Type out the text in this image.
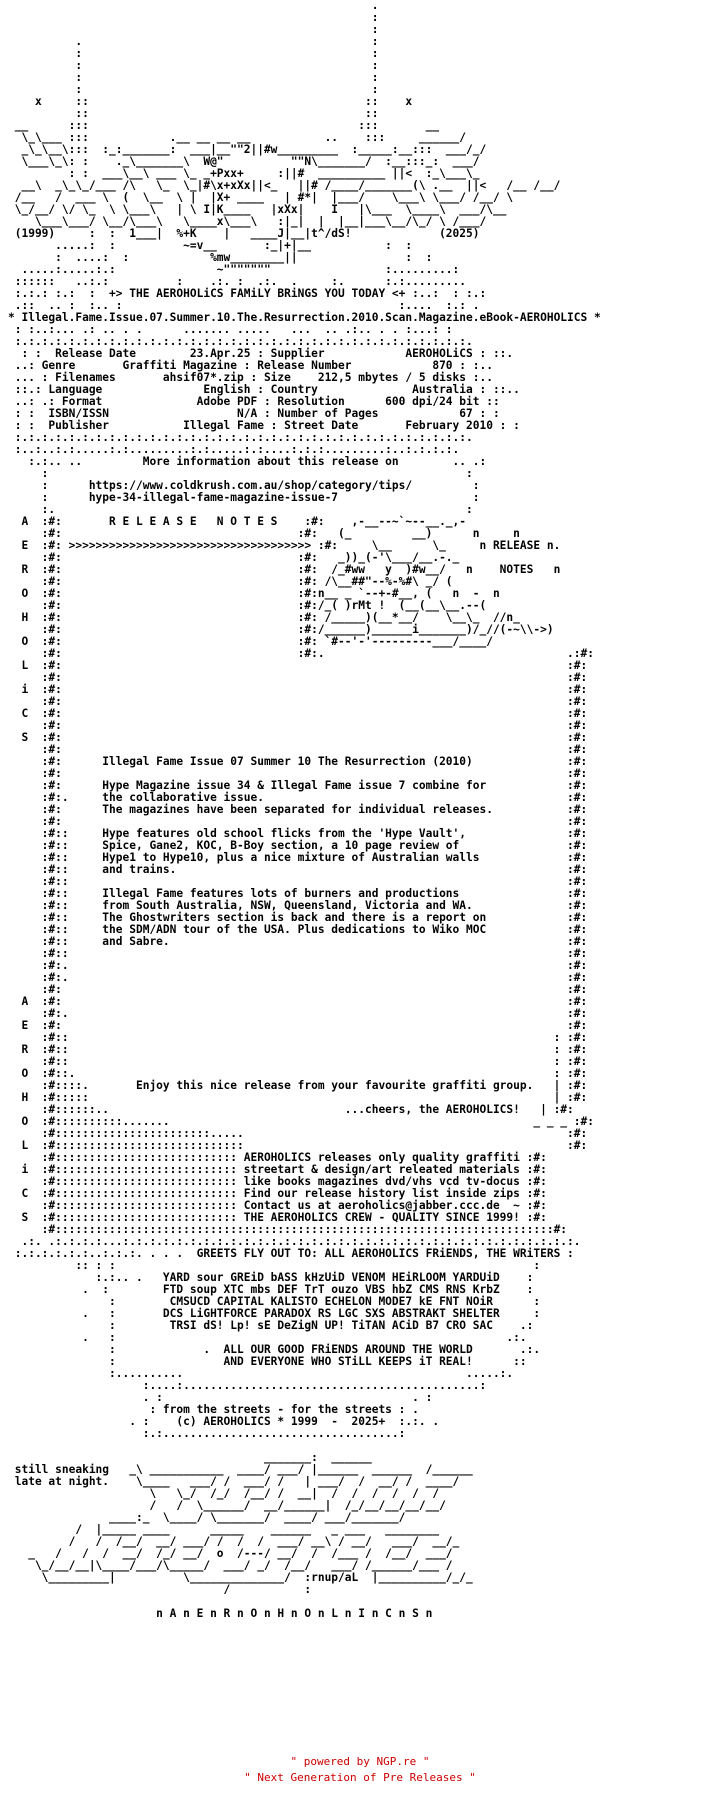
.
:
:
.                                           :
:                                           :
:                                           :
:                                           :
:                                           :
x     ::                                         ::    x
::                                         ::
__      :::                                        :::       __
\_\___ :::            .__ __ __ __           ..    :::     ______/
_\_\__\:::  :_:_______:  ___|__""2||#w_________  :_____:__:::  ___/_/
\___\_\: :    ._\_______\  W@"          ""N\_______/  :__:::_:  ___/
: :  ___\__\ ___ \_ _+Pxx+     :||#  __________ ||<  :_\___\_
__\  _\_\_/___ /\   \_  \_|#\x+xXx||<_   ||# /____/_______(\ .__  ||<   /__ /__/
/__   /  ___ \  (  \__  \ |  |X+ ____   | #*|  |___/    \___\ \___/ /__/ \
\_/__/ \/ \_  \ \___\   | \ I|K____   |xXx|    I   |\___  \____\  ___/\__
\___\___/ \__/\___\   \____x\___\   :|_|  |  |__|___\__/\_/ \ /___/
(1999)     :  :  1___|  %+K    |   ____J|__|t^/dS!             (2025)
.....:  :          ~=v__       :_|+|__           :  :
:  ....:  :            %mw________||                :  :
.....:.....:.:               ~"""""""                 :.........:
::::::   ..:.:          :    .:. :  .:.  .     :.      :.:.........
:.:.: :.:  :  +> THE AEROHOLiCS FAMiLY BRiNGS YOU TODAY <+ :..:  : :.:
.::  .. :  :.. :                                         :....  :.: .
* Illegal.Fame.Issue.07.Summer.10.The.Resurrection.2010.Scan.Magazine.eBook-AEROHOLICS *
: :..:... .: .. . .      ....... .....   ...  .. .:.. . . :...: :
:.:.:.:.:.:.:.:.:.:.:.:.:.:.:.:.:.:.:.:.:.:.:.:.:.:.:.:.:.:.:.:.:.:.
: :  Release Date        23.Apr.25 : Supplier            AEROHOLiCS : ::.
..: Genre       Graffiti Magazine : Release Number            870 : :..
... : Filenames       ahsif07*.zip : Size    212,5 mbytes / 5 disks :..
::.: Language               English : Country              Australia : ::..
..: .: Format              Adobe PDF : Resolution      600 dpi/24 bit ::
: :  ISBN/ISSN                   N/A : Number of Pages            67 : :
: :  Publisher           Illegal Fame : Street Date       February 2010 : :
:.:.:.:.:.:.:.:.:.:.:.:.:.:.:.:.:.:.:.:.:.:.:.:.:.:.:.:.:.:.:.:.:.:.
:..:..:.:.....:.:.........:.:.....:.:....:.:.:.........:..:.:.:.:.
:.:.. ..         More information about this release on        .. .:
:                                                              :
:      https://www.coldkrush.com.au/shop/category/tips/         :
:      hype-34-illegal-fame-magazine-issue-7                    :
:.                                                             :
A  :#:       R E L E A S E   N O T E S    :#:    ,-__--~`~--__._,-
:#:                                   :#:   (_         __)      n     n
E  :#: >>>>>>>>>>>>>>>>>>>>>>>>>>>>>>>>>>>> :#:     \__      \_     n RELEASE n.
:#:                                   :#:   _))_(-'\___/__.-._
R  :#:                                   :#:  /_#ww   y  )#w__/   n    NOTES   n
:#:                                   :#: /\__##"--%-%#\ _/ (
O  :#:                                   :#:n__ _ `--+-#__, (   n  -  n
:#:                                   :#:/_( )rMt !  (__(__\__.--(
H  :#:                                   :#: /_____)(__*__/    \__\_  //n_
:#:                                   :#:/______)______i_______)/_//(-~\\->)
O  :#:                                   :#: `#--'-'---------___/____/
:#:                                   :#:.                                    .:#:
L  :#:                                                                           :#:
:#:                                                                           :#:
i  :#:                                                                           :#:
:#:                                                                           :#:
C  :#:                                                                           :#:
:#:                                                                           :#:
S  :#:                                                                           :#:
:#:                                                                           :#:
:#:      Illegal Fame Issue 07 Summer 10 The Resurrection (2010)              :#:
:#:                                                                           :#:
:#:      Hype Magazine issue 34 & Illegal Fame issue 7 combine for            :#:
:#:.     the collaborative issue.                                             :#:
:#:      The magazines have been separated for individual releases.           :#:
:#:                                                                           :#:
:#::     Hype features old school flicks from the 'Hype Vault',               :#:
:#::     Spice, Gane2, KOC, B-Boy section, a 10 page review of                :#:
:#::     Hype1 to Hype10, plus a nice mixture of Australian walls             :#:
:#::     and trains.                                                          :#:
:#::                                                                          :#:
:#::     Illegal Fame features lots of burners and productions                :#:
:#::     from South Australia, NSW, Queensland, Victoria and WA.              :#:
:#::     The Ghostwriters section is back and there is a report on            :#:
:#::     the SDM/ADN tour of the USA. Plus dedications to Wiko MOC            :#:
:#::     and Sabre.                                                           :#:
:#::                                                                          :#:
:#:.                                                                          :#:
:#:.                                                                          :#:
:#:                                                                           :#:
A  :#:                                                                           :#:
:#:.                                                                          :#:
E  :#:                                                                           :#:
:#::                                                                        : :#:
R  :#::                                                                        : :#:
:#::                                                                        : :#:
O  :#::.                                                                       : :#:
:#::::.       Enjoy this nice release from your favourite graffiti group.   | :#:
H  :#:::::                                                                     | :#:
:#::::::..                                   ...cheers, the AEROHOLICS!   | :#:
O  :#::::::::::.......                                                      _ _ _ :#:
:#:::::::::::::::::::::::.....                                                :#:
L  :#::::::::::::::::::::::::::::                                                :#:
:#::::::::::::::::::::::::::: AEROHOLICS releases only quality graffiti :#:
i  :#::::::::::::::::::::::::::: streetart & design/art releated materials :#:
:#::::::::::::::::::::::::::: like books magazines dvd/vhs vcd tv-docus :#:
C  :#::::::::::::::::::::::::::: Find our release history list inside zips :#:
:#::::::::::::::::::::::::::: Contact us at aeroholics@jabber.ccc.de  ~ :#:
S  :#::::::::::::::::::::::::::: THE AEROHOLICS CREW - QUALITY SINCE 1999! :#:
:#::::::::::::::::::::::::::::::::::::::::::::::::::::::::::::::::::::::::::#:
.:. .:.:.:.:...:.:.:.:.:.:.:.:.:.:.:.:.:.:.:.:.:.:.:.:.:.:.:.:.:.:.:.:.:.:.:.:.:.:.
:.:.:.:.:.:..:.:.:. . . .  GREETS FLY OUT TO: ALL AEROHOLICS FRiENDS, THE WRiTERS :
:: : :                                                              :
:.:.. .   YARD sour GREiD bASS kHzUiD VENOM HEiRLOOM YARDUiD    :
.  :        FTD soup XTC mbs DEF TrT ouzo VBS hbZ CMS RNS KrbZ    :
:        CMSUCD CAPITAL KALISTO ECHELON MODE7 kE FNT NOiR      :
.   :       DCS LiGHTFORCE PARADOX RS LGC SXS ABSTRAKT SHELTER     :
:        TRSI dS! Lp! sE DeZigN UP! TiTAN ACiD B7 CRO SAC    .:
.   :                                                          .:.
:             .  ALL OUR GOOD FRiENDS AROUND THE WORLD       .:.
:                AND EVERYONE WHO STiLL KEEPS iT REAL!      ::
:..........                                          .....:.
:....:............................................:
. :                                     . :
: from the streets - for the streets : .
. :    (c) AEROHOLICS * 1999  -  2025+  :.:. .
:.:...................................:

_______:  ______
still sneaking   _\ ___________  ____/ ___/ |______  ______  /______
late at night.    \____   ___/ /  ___/ /   | ___/  /  __/ /  ____/
\   \_/  /_/  /__/ /  __|  /  /  /  /  /  /
/   /  \______/  __/______|  /_/__/__/__/__/
____:_  \____/ \_______/  ____/ ___/_______/
/  |_____ ____      _____    ______   _ ___   ________
/   /  /__/  __/ ___/ /  /  /  ___/ __\ / __/   ___/  __/_
_   /   /  /  __/  /_/ __/  o  /---/ __/  /  /___ /  /__/  ___/
\_/__/__|\____/___/\_____/  ___/ _/  /__/   ___/ /______/___ /
\_________|          \______________/  :rnup/aL  |__________/_/_
/           :

n A n E n R n O n H n O n L n I n C n S n

" powered by NGP.re "
" Next Generation of Pre Releases "
